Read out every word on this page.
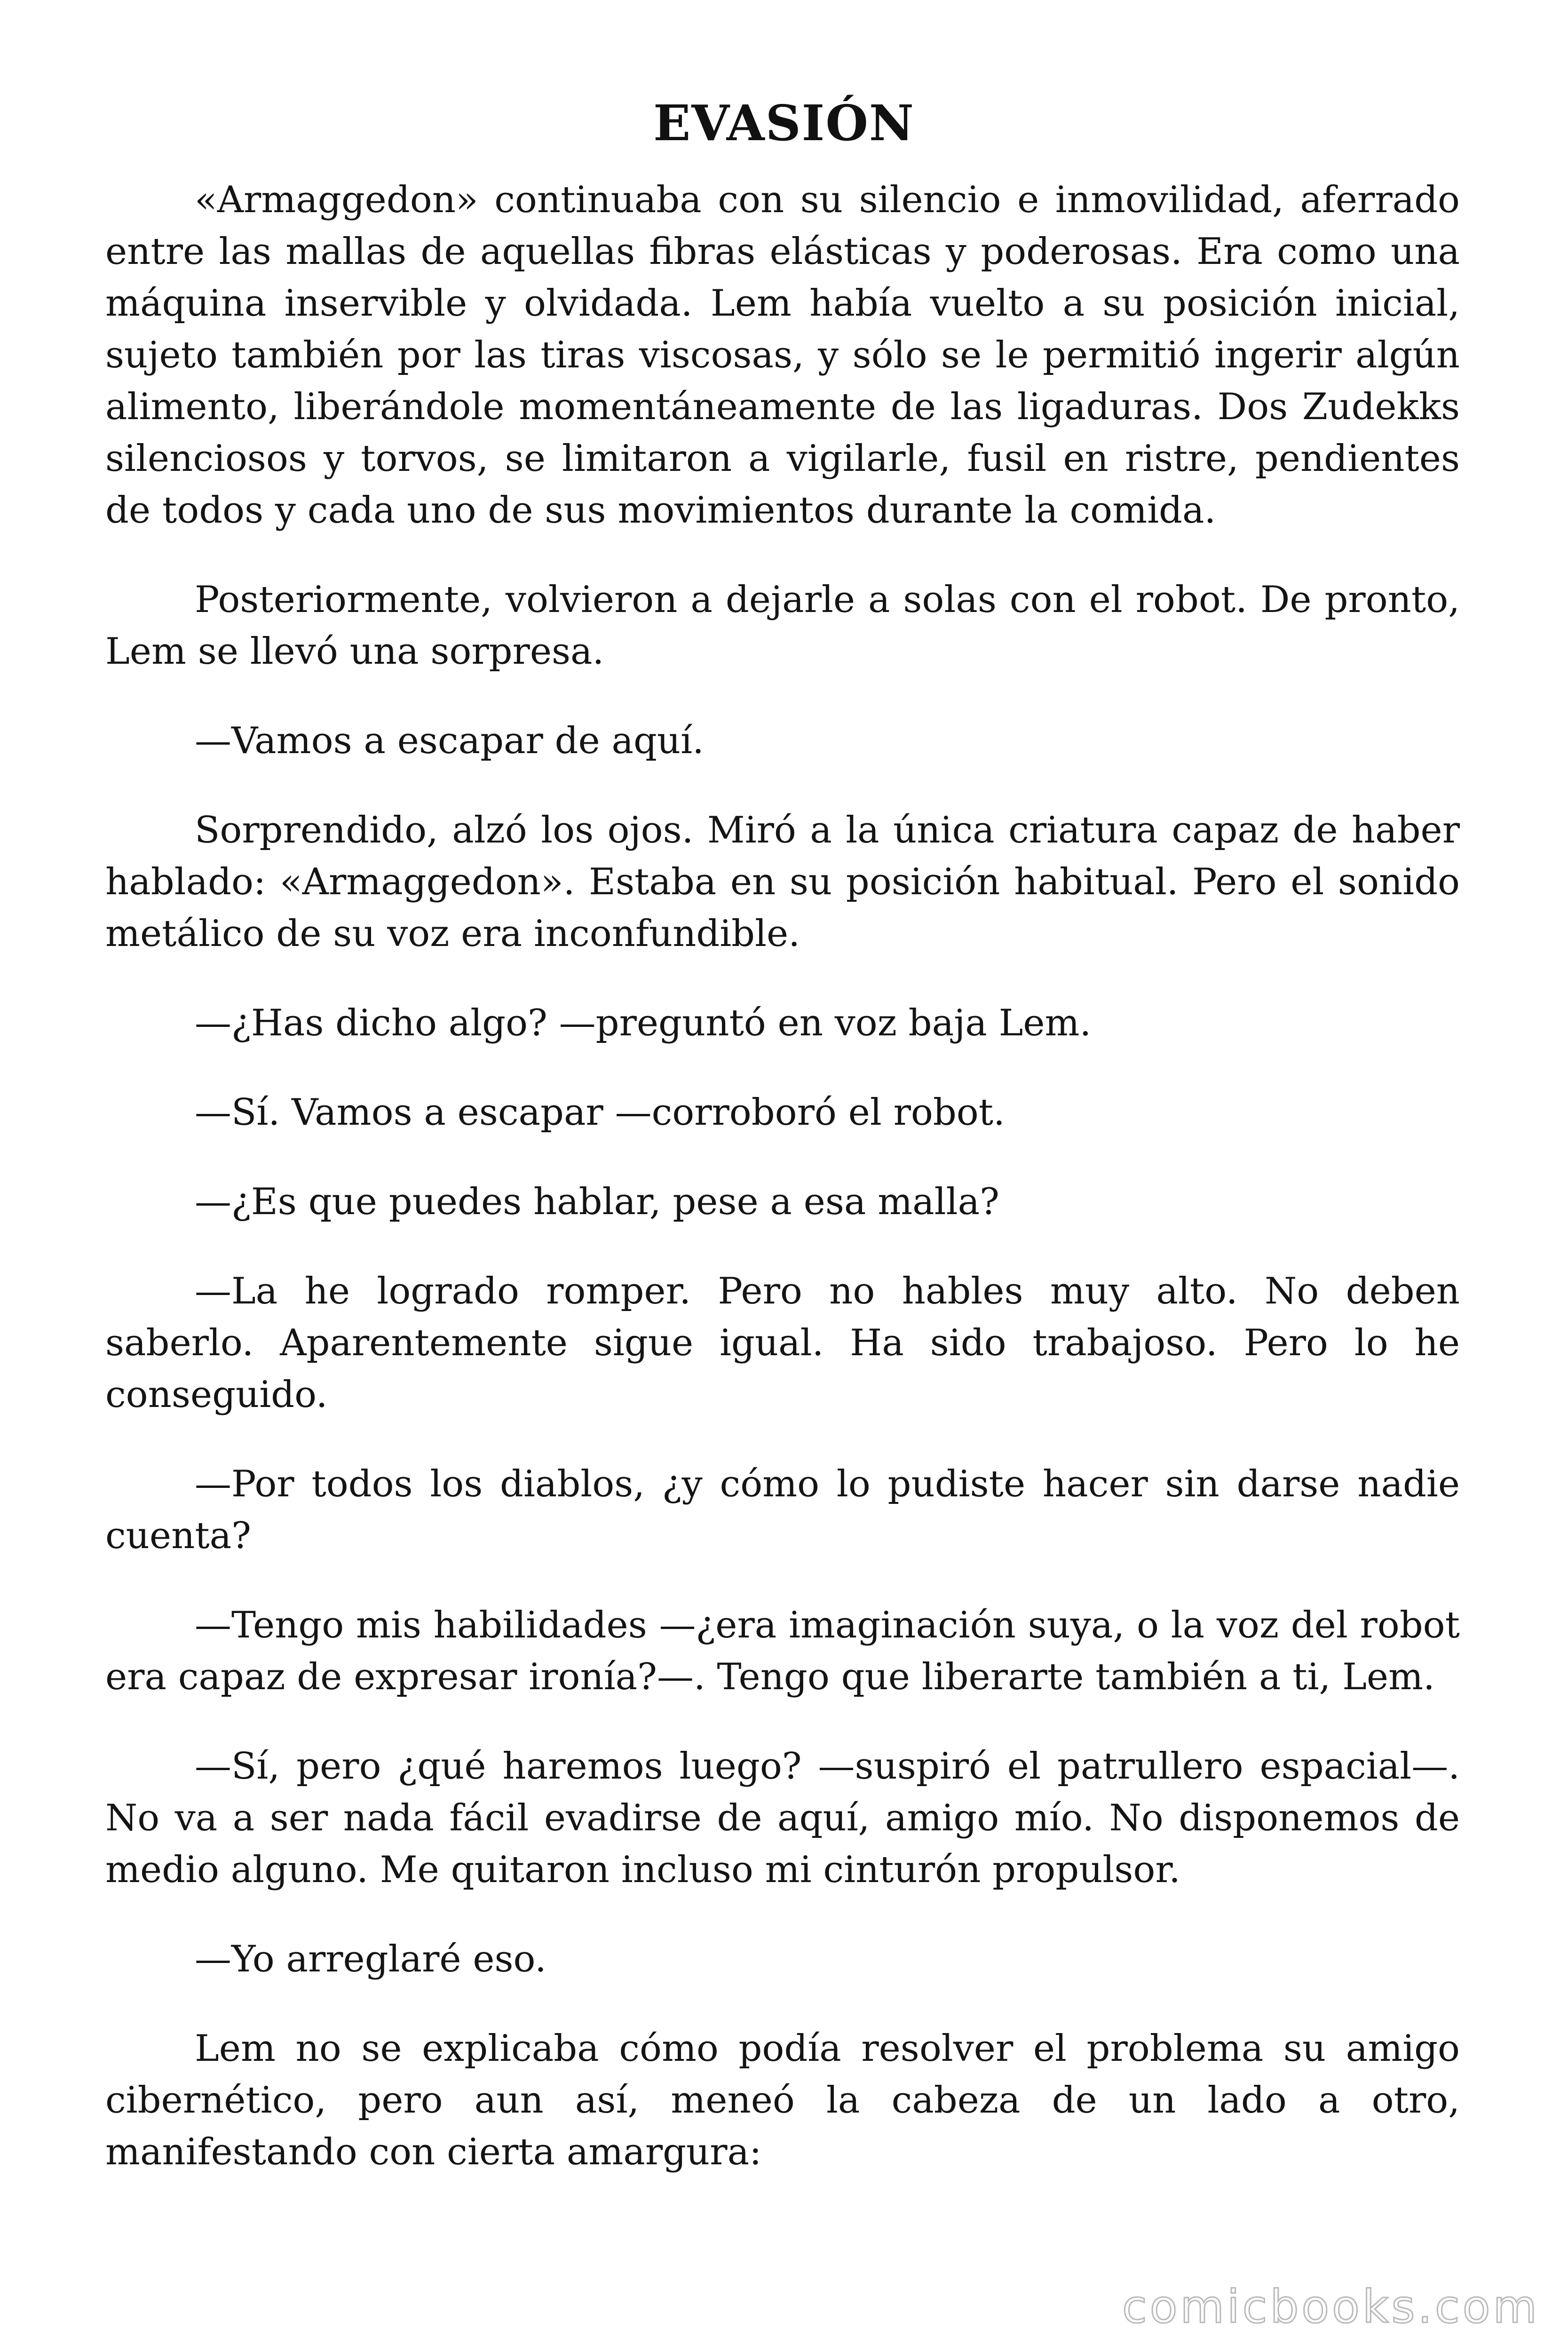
EVASIÓN

«Armaggedon» continuaba con su silencio e inmovilidad, aferrado entre las mallas de aquellas fibras elásticas y poderosas. Era como una máquina inservible y olvidada. Lem había vuelto a su posición inicial, sujeto también por las tiras viscosas, y sólo se le permitió ingerir algún alimento, liberándole momentáneamente de las ligaduras. Dos Zudekks silenciosos y torvos, se limitaron a vigilarle, fusil en ristre, pendientes de todos y cada uno de sus movimientos durante la comida.

Posteriormente, volvieron a dejarle a solas con el robot. De pronto, Lem se llevó una sorpresa.

—Vamos a escapar de aquí.

Sorprendido, alzó los ojos. Miró a la única criatura capaz de haber hablado: «Armaggedon». Estaba en su posición habitual. Pero el sonido metálico de su voz era inconfundible.

—¿Has dicho algo? —preguntó en voz baja Lem.

—Sí. Vamos a escapar —corroboró el robot.

—¿Es que puedes hablar, pese a esa malla?

—La he logrado romper. Pero no hables muy alto. No deben saberlo. Aparentemente sigue igual. Ha sido trabajoso. Pero lo he conseguido.

—Por todos los diablos, ¿y cómo lo pudiste hacer sin darse nadie cuenta?

—Tengo mis habilidades —¿era imaginación suya, o la voz del robot era capaz de expresar ironía?—. Tengo que liberarte también a ti, Lem.

—Sí, pero ¿qué haremos luego? —suspiró el patrullero espacial—. No va a ser nada fácil evadirse de aquí, amigo mío. No disponemos de medio alguno. Me quitaron incluso mi cinturón propulsor.

—Yo arreglaré eso.

Lem no se explicaba cómo podía resolver el problema su amigo cibernético, pero aun así, meneó la cabeza de un lado a otro, manifestando con cierta amargura:

comicbooks.com
